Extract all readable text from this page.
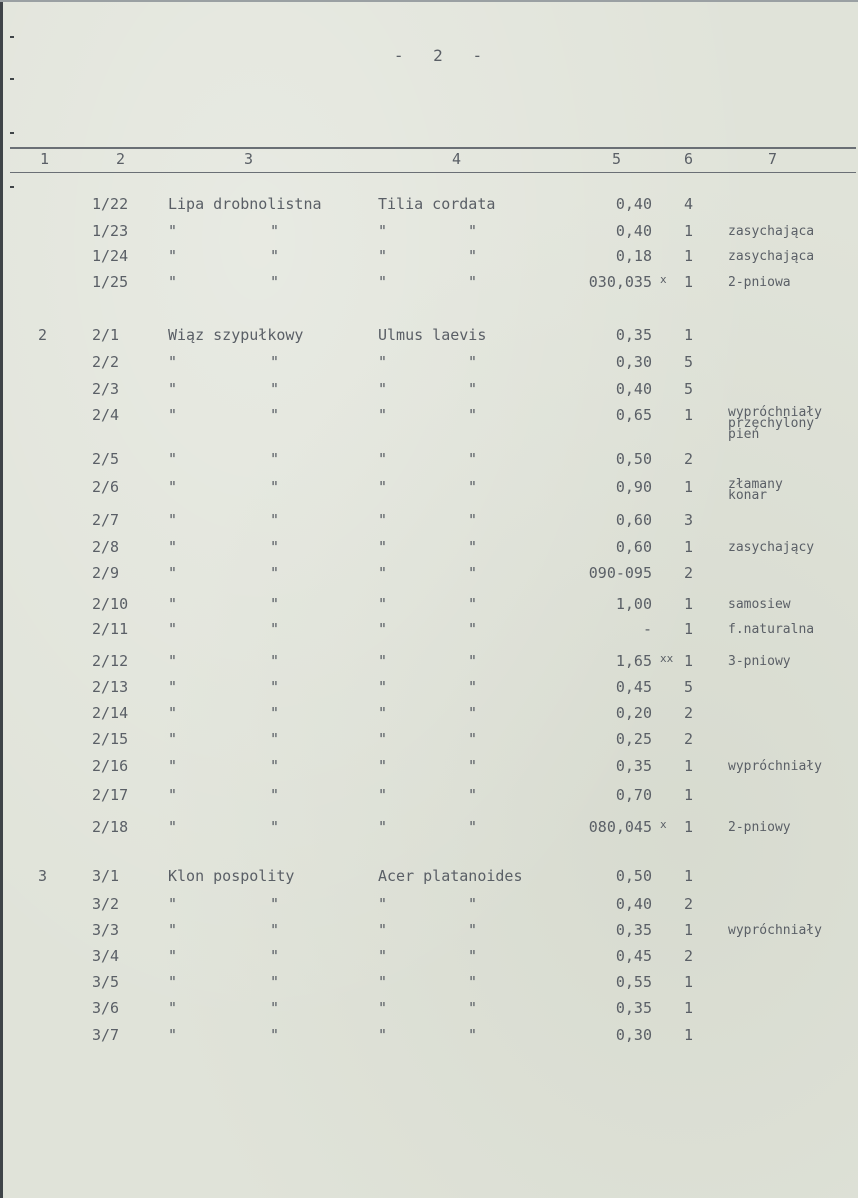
- 2 -
1	2	3	4	5	6	7
1/22	Lipa drobnolistna	Tilia cordata	0,40 4
1/23	"	"	"	"	0,40 1	zasychająca
1/24	"	"	"	"	0,18 1	zasychająca
1/25	"	"	"	"	030,035 x 1	2-pniowa
2	2/1	Wiąz szypułkowy	Ulmus laevis	0,35 1
2/2	"	"	"	"	0,30 5
2/3	"	"	"	"	0,40 5
2/4	"	"	"	"	0,65 1	wypróchniały
przechylony
pień
2/5	"	"	"	"	0,50 2
2/6	"	"	"	"	0,90 1	złamany
konar
2/7	"	"	"	"	0,60 3
2/8	"	"	"	"	0,60 1	zasychający
2/9	"	"	"	"	090-095 2
2/10	"	"	"	"	1,00 1	samosiew
2/11	"	"	"	"	- 1	f.naturalna
2/12	"	"	"	"	1,65 xx 1	3-pniowy
2/13	"	"	"	"	0,45 5
2/14	"	"	"	"	0,20 2
2/15	"	"	"	"	0,25 2
2/16	"	"	"	"	0,35 1	wypróchniały
2/17	"	"	"	"	0,70 1
2/18	"	"	"	"	080,045 x 1	2-pniowy
3	3/1	Klon pospolity	Acer platanoides	0,50 1
3/2	"	"	"	"	0,40 2
3/3	"	"	"	"	0,35 1	wypróchniały
3/4	"	"	"	"	0,45 2
3/5	"	"	"	"	0,55 1
3/6	"	"	"	"	0,35 1
3/7	"	"	"	"	0,30 1
